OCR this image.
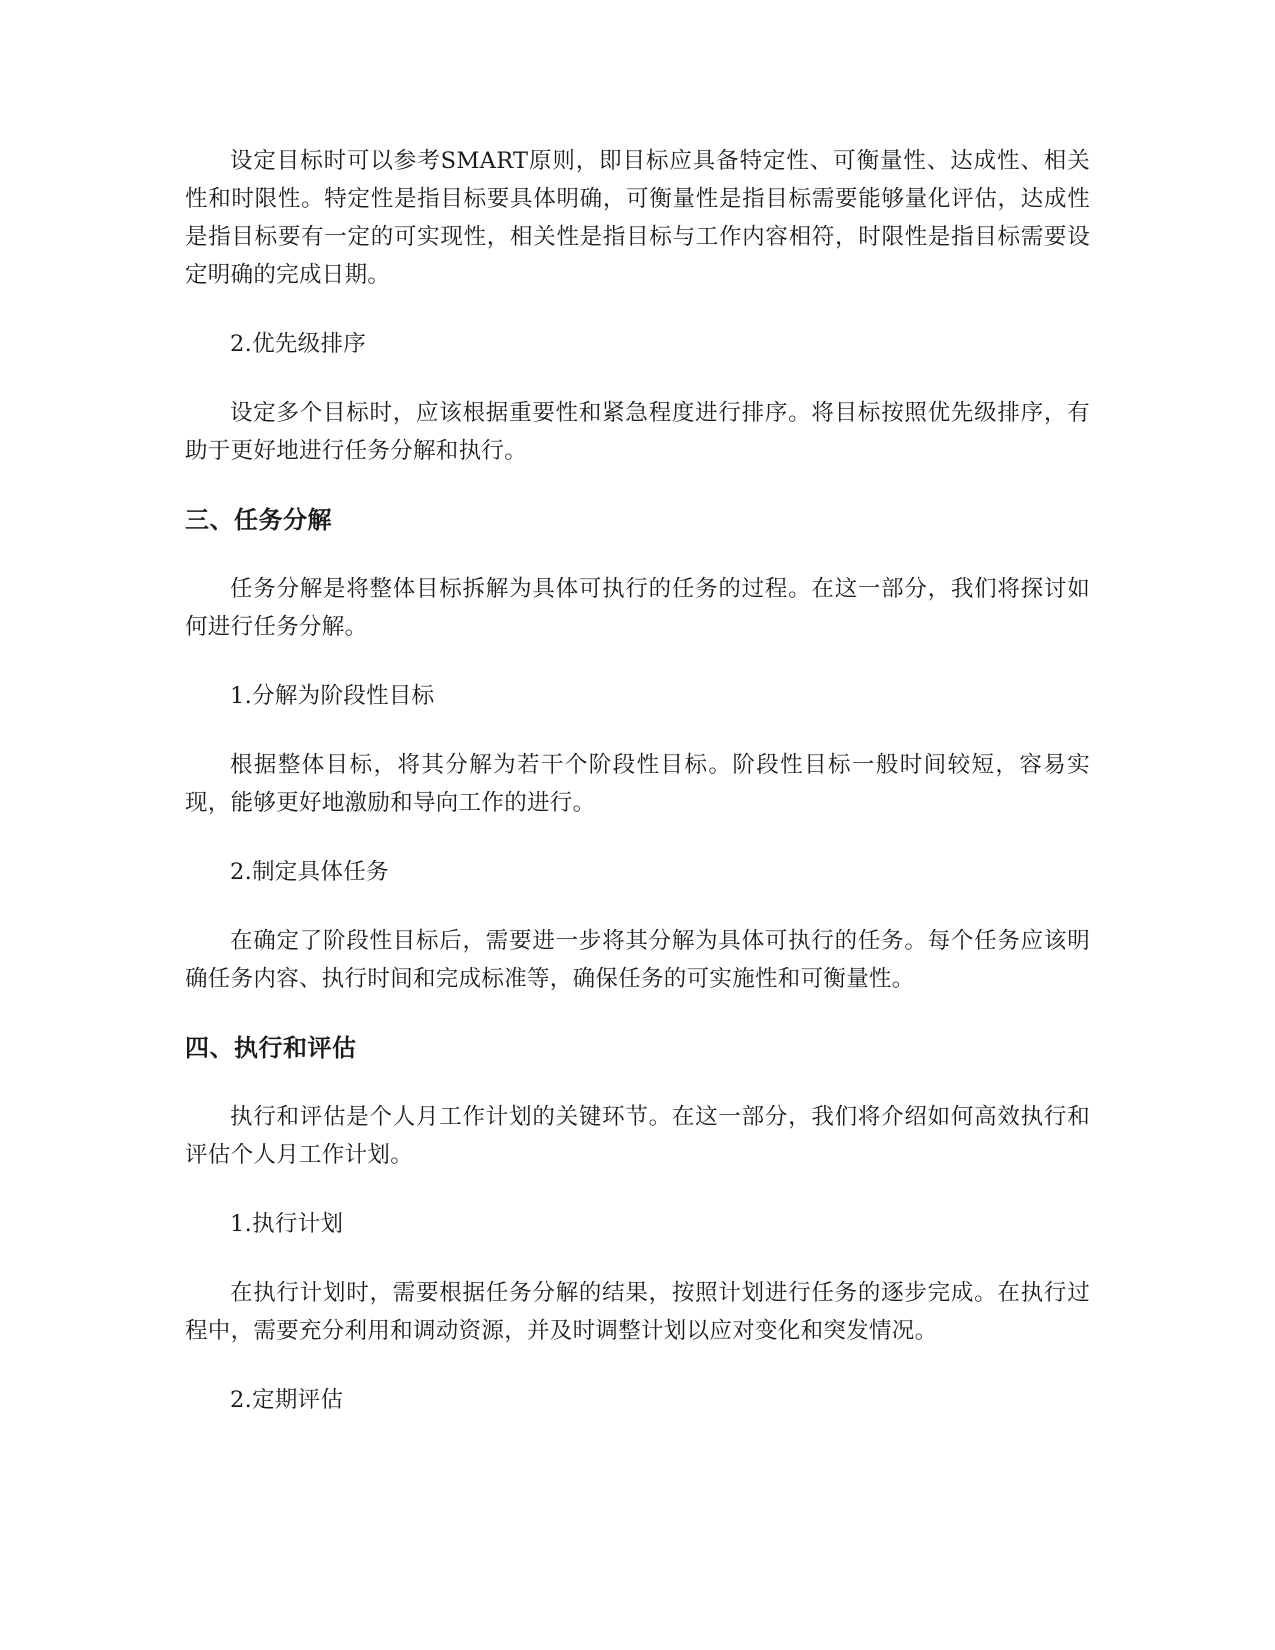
设定目标时可以参考SMART原则，即目标应具备特定性、可衡量性、达成性、相关性和时限性。特定性是指目标要具体明确，可衡量性是指目标需要能够量化评估，达成性是指目标要有一定的可实现性，相关性是指目标与工作内容相符，时限性是指目标需要设定明确的完成日期。

2.优先级排序

设定多个目标时，应该根据重要性和紧急程度进行排序。将目标按照优先级排序，有助于更好地进行任务分解和执行。

三、任务分解

任务分解是将整体目标拆解为具体可执行的任务的过程。在这一部分，我们将探讨如何进行任务分解。

1.分解为阶段性目标

根据整体目标，将其分解为若干个阶段性目标。阶段性目标一般时间较短，容易实现，能够更好地激励和导向工作的进行。

2.制定具体任务

在确定了阶段性目标后，需要进一步将其分解为具体可执行的任务。每个任务应该明确任务内容、执行时间和完成标准等，确保任务的可实施性和可衡量性。

四、执行和评估

执行和评估是个人月工作计划的关键环节。在这一部分，我们将介绍如何高效执行和评估个人月工作计划。

1.执行计划

在执行计划时，需要根据任务分解的结果，按照计划进行任务的逐步完成。在执行过程中，需要充分利用和调动资源，并及时调整计划以应对变化和突发情况。

2.定期评估
